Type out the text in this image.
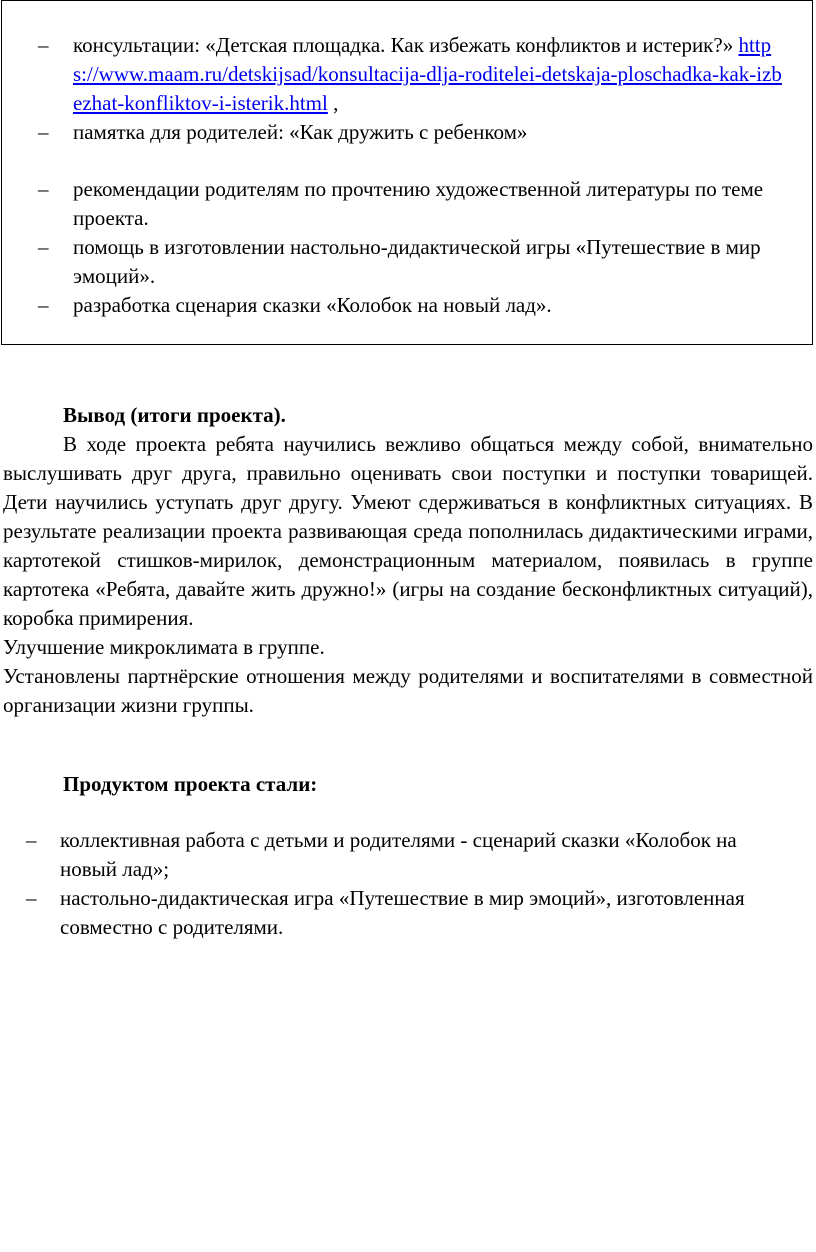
– консультации: «Детская площадка. Как избежать конфликтов и истерик?» https://www.maam.ru/detskijsad/konsultacija-dlja-roditelei-detskaja-ploschadka-kak-izbezhat-konfliktov-i-isterik.html ,
– памятка для родителей: «Как дружить с ребенком»
– рекомендации родителям по прочтению художественной литературы по теме проекта.
– помощь в изготовлении настольно-дидактической игры «Путешествие в мир эмоций».
– разработка сценария сказки «Колобок на новый лад».
Вывод (итоги проекта).

В ходе проекта ребята научились вежливо общаться между собой, внимательно выслушивать друг друга, правильно оценивать свои поступки и поступки товарищей. Дети научились уступать друг другу. Умеют сдерживаться в конфликтных ситуациях. В результате реализации проекта развивающая среда пополнилась дидактическими играми, картотекой стишков-мирилок, демонстрационным материалом, появилась в группе картотека «Ребята, давайте жить дружно!» (игры на создание бесконфликтных ситуаций), коробка примирения.

Улучшение микроклимата в группе.

Установлены партнёрские отношения между родителями и воспитателями в совместной организации жизни группы.

Продуктом проекта стали:
– коллективная работа с детьми и родителями - сценарий сказки «Колобок на новый лад»;
– настольно-дидактическая игра «Путешествие в мир эмоций», изготовленная совместно с родителями.
